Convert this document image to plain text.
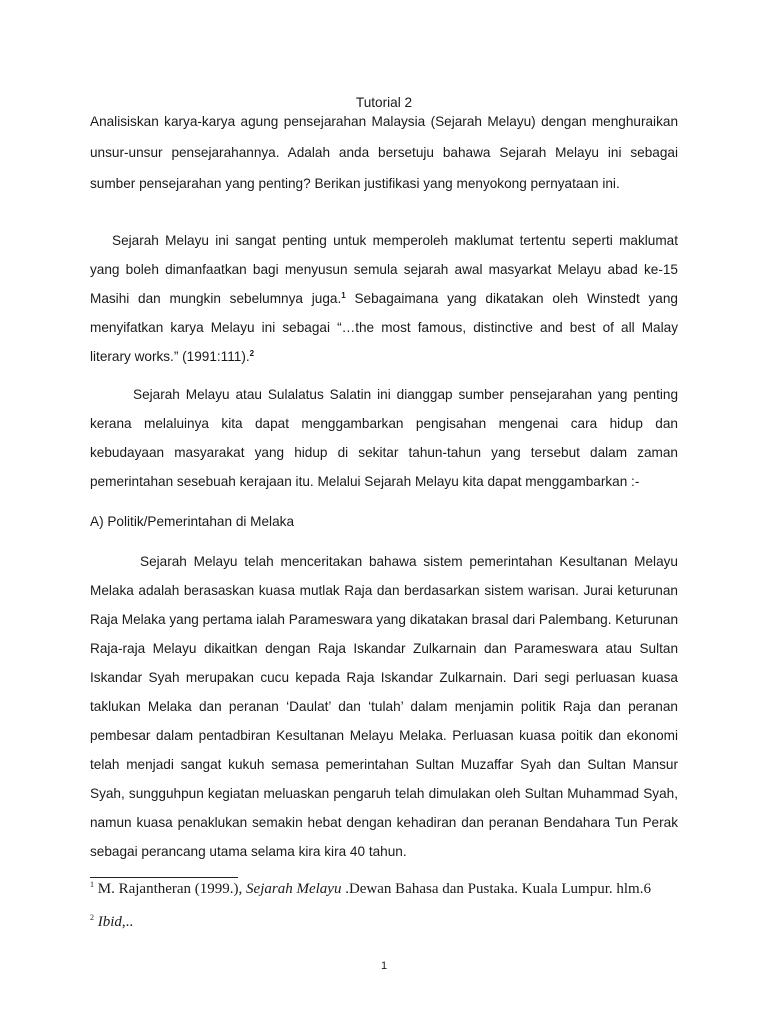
Tutorial 2
Analisiskan karya-karya agung pensejarahan Malaysia (Sejarah Melayu) dengan menghuraikan
unsur-unsur pensejarahannya. Adalah anda bersetuju bahawa Sejarah Melayu ini sebagai
sumber pensejarahan yang penting? Berikan justifikasi yang menyokong pernyataan ini.
Sejarah Melayu ini sangat penting untuk memperoleh maklumat tertentu seperti maklumat
yang boleh dimanfaatkan bagi menyusun semula sejarah awal masyarkat Melayu abad ke-15
Masihi dan mungkin sebelumnya juga.$^1$ Sebagaimana yang dikatakan oleh Winstedt yang
menyifatkan karya Melayu ini sebagai “…the most famous, distinctive and best of all Malay
literary works.” (1991:111).$^2$
Sejarah Melayu atau Sulalatus Salatin ini dianggap sumber pensejarahan yang penting
kerana melaluinya kita dapat menggambarkan pengisahan mengenai cara hidup dan
kebudayaan masyarakat yang hidup di sekitar tahun-tahun yang tersebut dalam zaman
pemerintahan sesebuah kerajaan itu. Melalui Sejarah Melayu kita dapat menggambarkan :-
A) Politik/Pemerintahan di Melaka
Sejarah Melayu telah menceritakan bahawa sistem pemerintahan Kesultanan Melayu
Melaka adalah berasaskan kuasa mutlak Raja dan berdasarkan sistem warisan. Jurai keturunan
Raja Melaka yang pertama ialah Parameswara yang dikatakan brasal dari Palembang. Keturunan
Raja-raja Melayu dikaitkan dengan Raja Iskandar Zulkarnain dan Parameswara atau Sultan
Iskandar Syah merupakan cucu kepada Raja Iskandar Zulkarnain. Dari segi perluasan kuasa
taklukan Melaka dan peranan ‘Daulat’ dan ‘tulah’ dalam menjamin politik Raja dan peranan
pembesar dalam pentadbiran Kesultanan Melayu Melaka. Perluasan kuasa poitik dan ekonomi
telah menjadi sangat kukuh semasa pemerintahan Sultan Muzaffar Syah dan Sultan Mansur
Syah, sungguhpun kegiatan meluaskan pengaruh telah dimulakan oleh Sultan Muhammad Syah,
namun kuasa penaklukan semakin hebat dengan kehadiran dan peranan Bendahara Tun Perak
sebagai perancang utama selama kira kira 40 tahun.
$^1$ M. Rajantheran (1999.), Sejarah Melayu .Dewan Bahasa dan Pustaka. Kuala Lumpur. hlm.6
$^2$ Ibid,..
1
